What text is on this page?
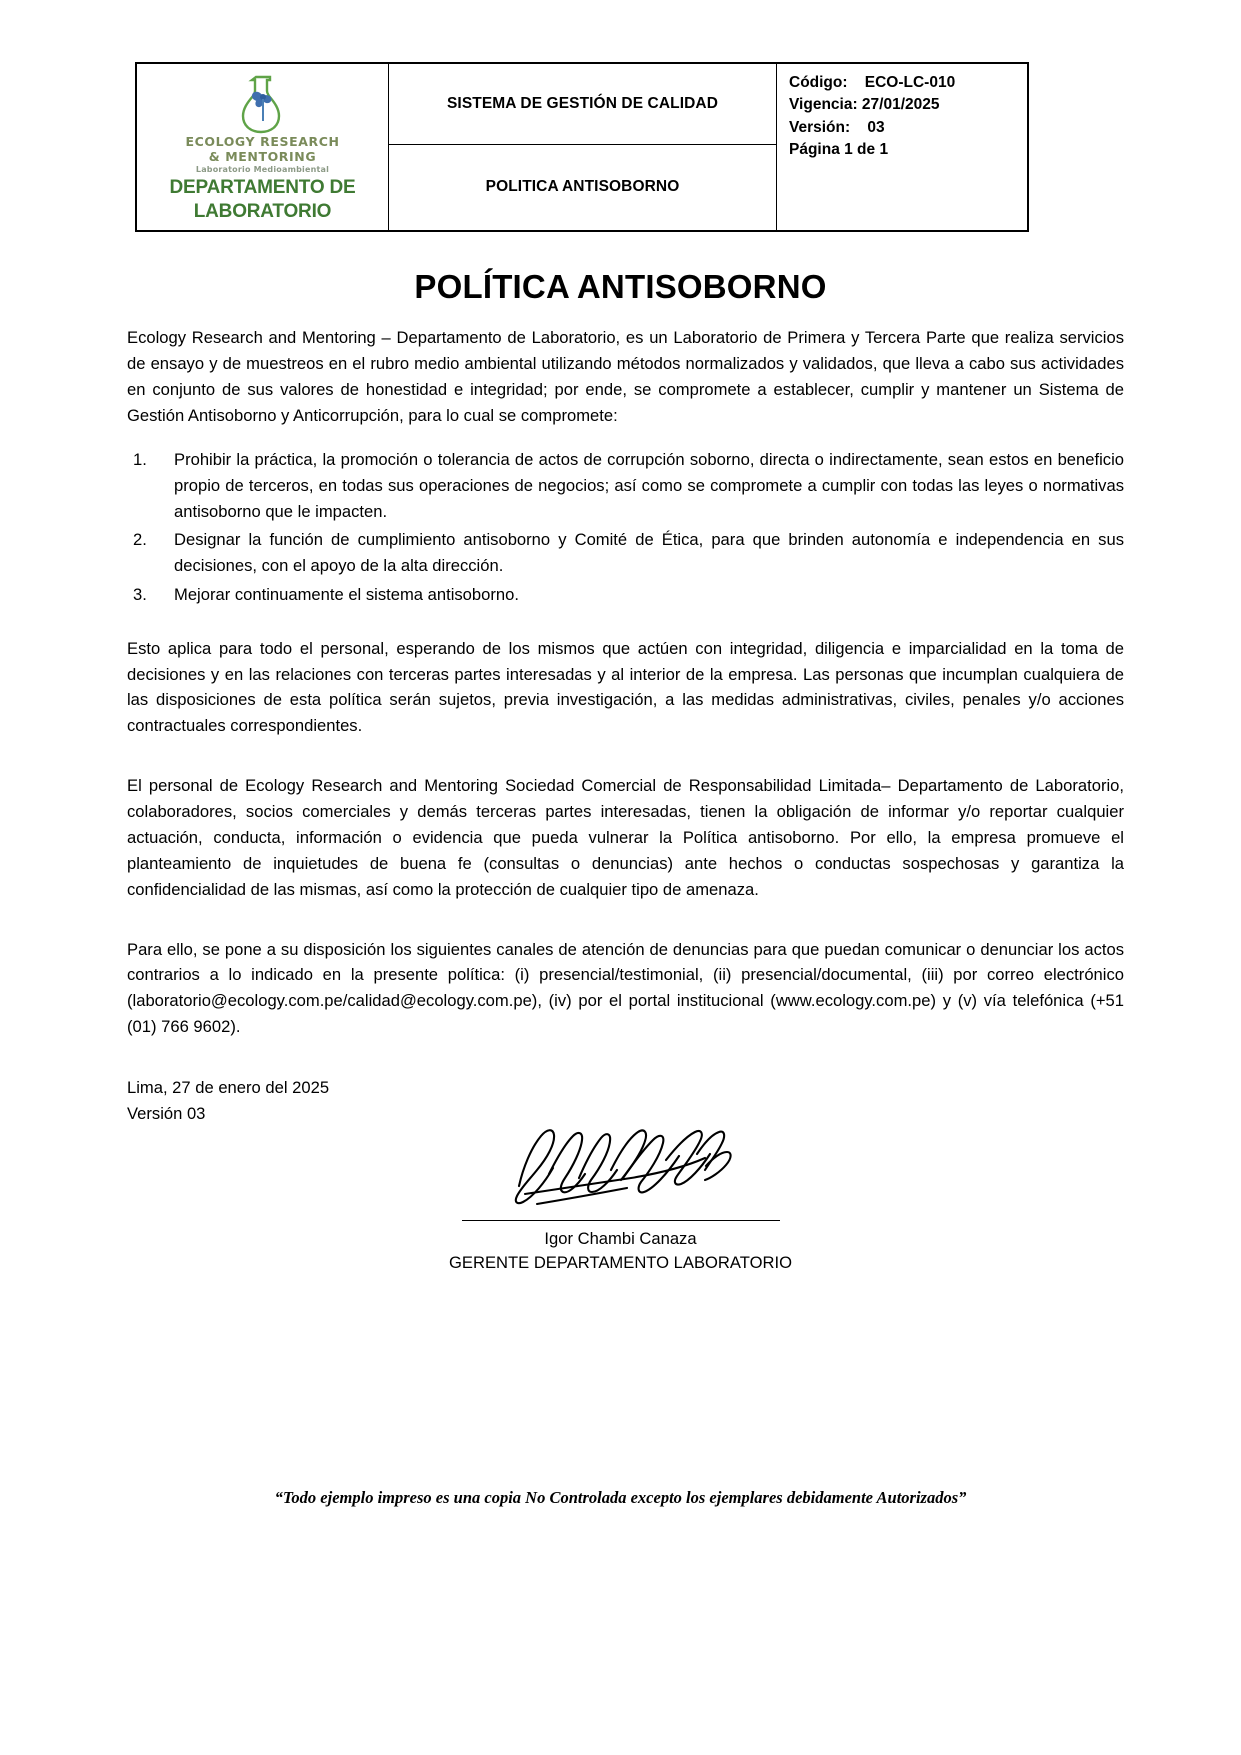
ECOLOGY RESEARCH
& MENTORING
Laboratorio Medioambiental
DEPARTAMENTO DE
LABORATORIO

SISTEMA DE GESTIÓN DE CALIDAD

Código:    ECO-LC-010
Vigencia: 27/01/2025
Versión:    03
Página 1 de 1

POLITICA ANTISOBORNO
POLÍTICA ANTISOBORNO

Ecology Research and Mentoring – Departamento de Laboratorio, es un Laboratorio de Primera y Tercera Parte que realiza servicios de ensayo y de muestreos en el rubro medio ambiental utilizando métodos normalizados y validados, que lleva a cabo sus actividades en conjunto de sus valores de honestidad e integridad; por ende, se compromete a establecer, cumplir y mantener un Sistema de Gestión Antisoborno y Anticorrupción, para lo cual se compromete:

Prohibir la práctica, la promoción o tolerancia de actos de corrupción soborno, directa o indirectamente, sean estos en beneficio propio de terceros, en todas sus operaciones de negocios; así como se compromete a cumplir con todas las leyes o normativas antisoborno que le impacten.
Designar la función de cumplimiento antisoborno y Comité de Ética, para que brinden autonomía e independencia en sus decisiones, con el apoyo de la alta dirección.
Mejorar continuamente el sistema antisoborno.

Esto aplica para todo el personal, esperando de los mismos que actúen con integridad, diligencia e imparcialidad en la toma de decisiones y en las relaciones con terceras partes interesadas y al interior de la empresa. Las personas que incumplan cualquiera de las disposiciones de esta política serán sujetos, previa investigación, a las medidas administrativas, civiles, penales y/o acciones contractuales correspondientes.

El personal de Ecology Research and Mentoring Sociedad Comercial de Responsabilidad Limitada– Departamento de Laboratorio, colaboradores, socios comerciales y demás terceras partes interesadas, tienen la obligación de informar y/o reportar cualquier actuación, conducta, información o evidencia que pueda vulnerar la Política antisoborno. Por ello, la empresa promueve el planteamiento de inquietudes de buena fe (consultas o denuncias) ante hechos o conductas sospechosas y garantiza la confidencialidad de las mismas, así como la protección de cualquier tipo de amenaza.

Para ello, se pone a su disposición los siguientes canales de atención de denuncias para que puedan comunicar o denunciar los actos contrarios a lo indicado en la presente política: (i) presencial/testimonial, (ii) presencial/documental, (iii) por correo electrónico (laboratorio@ecology.com.pe/calidad@ecology.com.pe), (iv) por el portal institucional (www.ecology.com.pe) y (v) vía telefónica (+51 (01) 766 9602).

Lima, 27 de enero del 2025
Versión 03
Igor Chambi Canaza
GERENTE DEPARTAMENTO LABORATORIO
“Todo ejemplo impreso es una copia No Controlada excepto los ejemplares debidamente Autorizados”
